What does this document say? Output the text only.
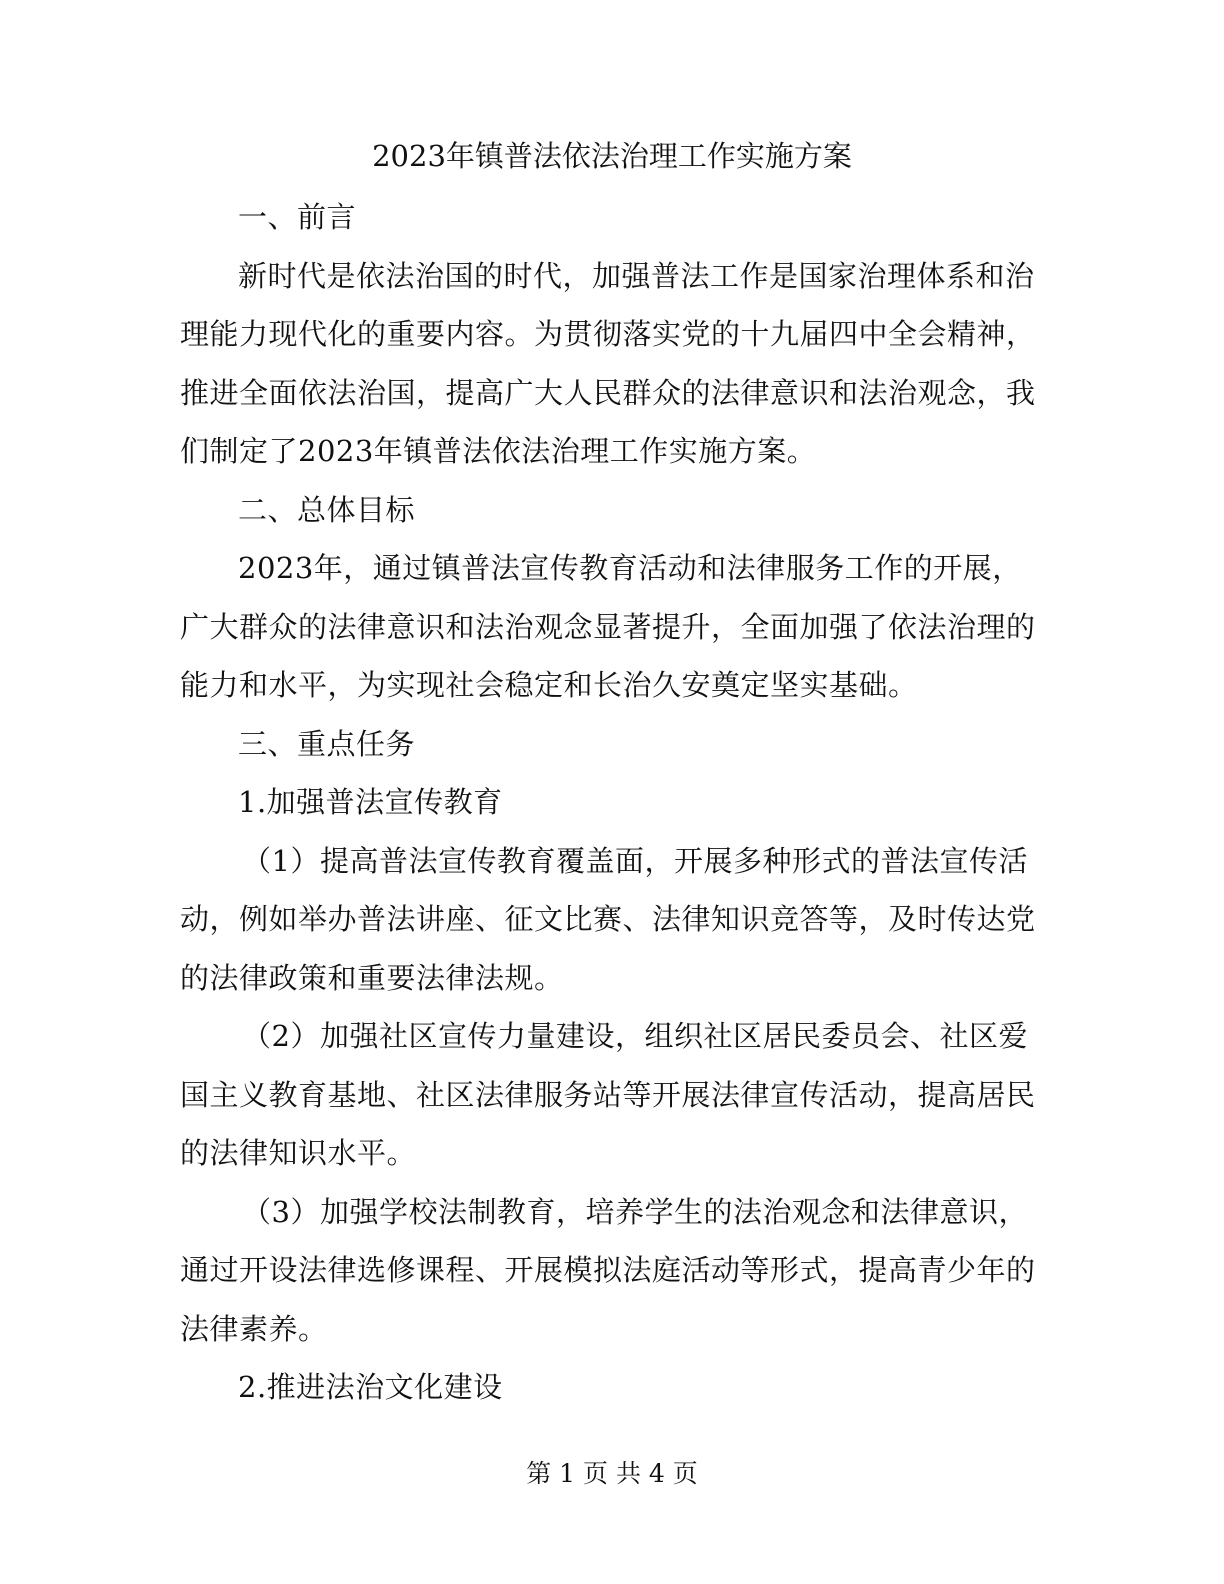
2023年镇普法依法治理工作实施方案

一、前言

新时代是依法治国的时代，加强普法工作是国家治理体系和治理能力现代化的重要内容。为贯彻落实党的十九届四中全会精神，推进全面依法治国，提高广大人民群众的法律意识和法治观念，我们制定了2023年镇普法依法治理工作实施方案。

二、总体目标

2023年，通过镇普法宣传教育活动和法律服务工作的开展，广大群众的法律意识和法治观念显著提升，全面加强了依法治理的能力和水平，为实现社会稳定和长治久安奠定坚实基础。

三、重点任务

1.加强普法宣传教育

（1）提高普法宣传教育覆盖面，开展多种形式的普法宣传活动，例如举办普法讲座、征文比赛、法律知识竞答等，及时传达党的法律政策和重要法律法规。

（2）加强社区宣传力量建设，组织社区居民委员会、社区爱国主义教育基地、社区法律服务站等开展法律宣传活动，提高居民的法律知识水平。

（3）加强学校法制教育，培养学生的法治观念和法律意识，通过开设法律选修课程、开展模拟法庭活动等形式，提高青少年的法律素养。

2.推进法治文化建设

第 1 页 共 4 页
